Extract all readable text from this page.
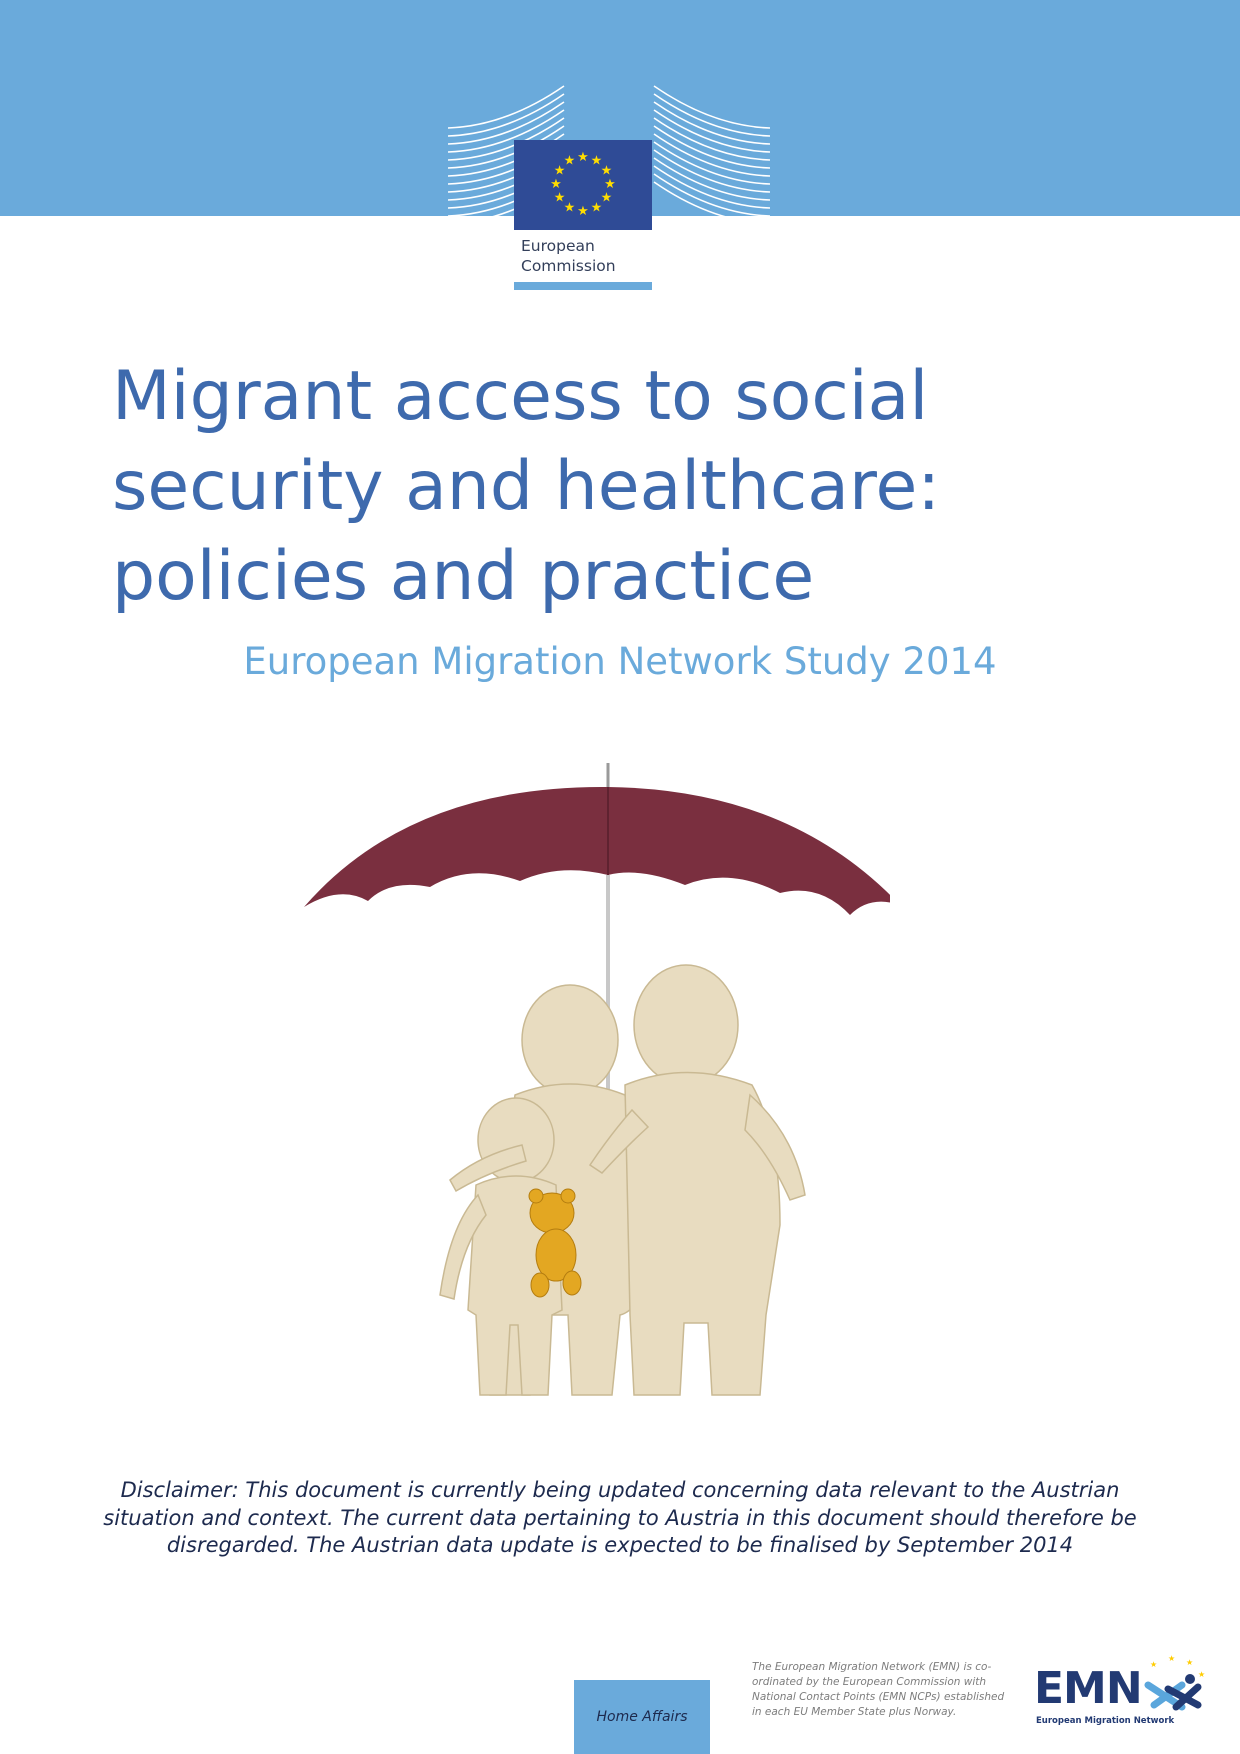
★ ★
★
★
★
★
★
★
★
★
★
★
European
Commission
Migrant access to social
security and healthcare:
policies and practice

European Migration Network Study 2014

Disclaimer: This document is currently being updated concerning data relevant to the Austrian situation and context. The current data pertaining to Austria in this document should therefore be disregarded. The Austrian data update is expected to be finalised by September 2014

Home Affairs

The European Migration Network (EMN) is co-ordinated by the European Commission with National Contact Points (EMN NCPs) established in each EU Member State plus Norway.	EMN
European Migration Network
★
★ ★
★
